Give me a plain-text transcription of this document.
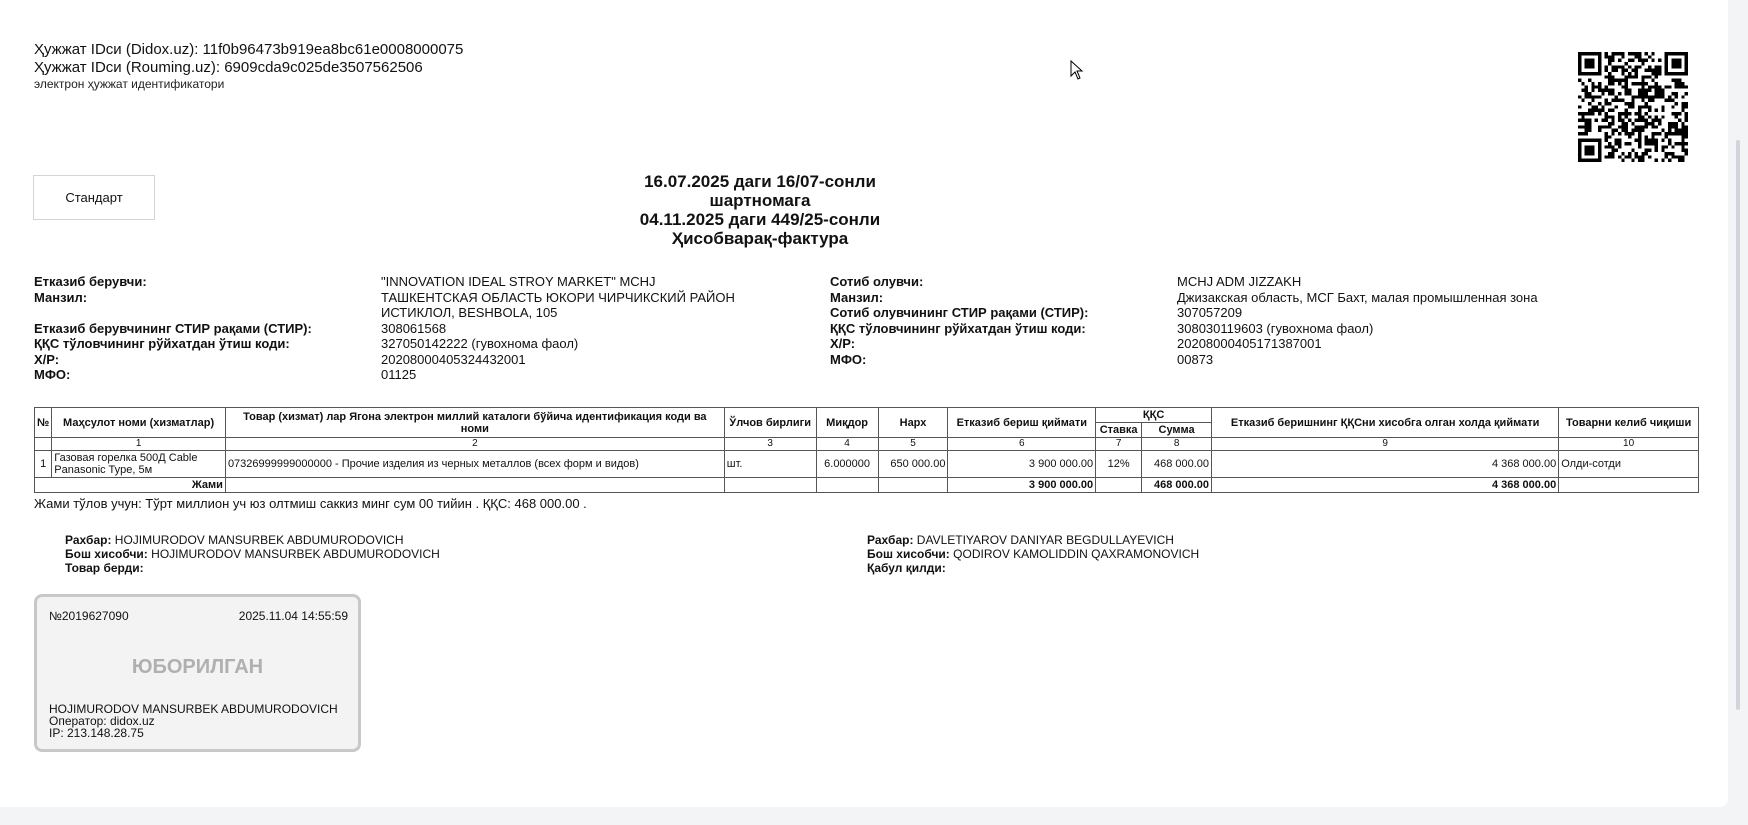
Ҳужжат IDси (Didox.uz): 11f0b96473b919ea8bc61e0008000075
Ҳужжат IDси (Rouming.uz): 6909cda9c025de3507562506
электрон ҳужжат идентификатори
Стандарт
16.07.2025 даги 16/07-сонли шартномага
04.11.2025 даги 449/25-сонли
Ҳисобварақ-фактура
Етказиб берувчи:	"INNOVATION IDEAL STROY MARKET" MCHJ
Манзил:	ТАШКЕНТСКАЯ ОБЛАСТЬ ЮКОРИ ЧИРЧИКСКИЙ РАЙОН ИСТИКЛОЛ, BESHBOLA, 105
Етказиб берувчининг СТИР рақами (СТИР):	308061568
ҚҚС тўловчининг рўйхатдан ўтиш коди:	327050142222 (гувохнома фаол)
Х/Р:	20208000405324432001
МФО:	01125
Сотиб олувчи:	MCHJ ADM JIZZAKH
Манзил:	Джизакская область, МСГ Бахт, малая промышленная зона
Сотиб олувчининг СТИР рақами (СТИР):	307057209
ҚҚС тўловчининг рўйхатдан ўтиш коди:	308030119603 (гувохнома фаол)
Х/Р:	20208000405171387001
МФО:	00873
№	Маҳсулот номи (хизматлар)	Товар (хизмат) лар Ягона электрон миллий каталоги бўйича идентификация коди ва номи	Ўлчов бирлиги	Миқдор	Нарх	Етказиб бериш қиймати	ҚҚС		Етказиб беришнинг ҚҚСни хисобга олган холда қиймати	Товарни келиб чиқиши
							Ставка	Сумма		
	1	2	3	4	5	6	7	8	9	10
1	Газовая горелка 500Д Cable Panasonic Type, 5м	07326999999000000 - Прочие изделия из черных металлов (всех форм и видов)	шт.	6.000000	650 000.00	3 900 000.00	12%	468 000.00	4 368 000.00	Олди-сотди
Жами						3 900 000.00		468 000.00	4 368 000.00	
Жами тўлов учун: Тўрт миллион уч юз олтмиш саккиз минг сум 00 тийин . ҚҚС: 468 000.00 .
Рахбар: HOJIMURODOV MANSURBEK ABDUMURODOVICH
Бош хисобчи: HOJIMURODOV MANSURBEK ABDUMURODOVICH
Товар берди:
Рахбар: DAVLETIYAROV DANIYAR BEGDULLAYEVICH
Бош хисобчи: QODIROV KAMOLIDDIN QAXRAMONOVICH
Қабул қилди:
№2019627090	2025.11.04 14:55:59
ЮБОРИЛГАН
HOJIMURODOV MANSURBEK ABDUMURODOVICH
Оператор: didox.uz
IP: 213.148.28.75
